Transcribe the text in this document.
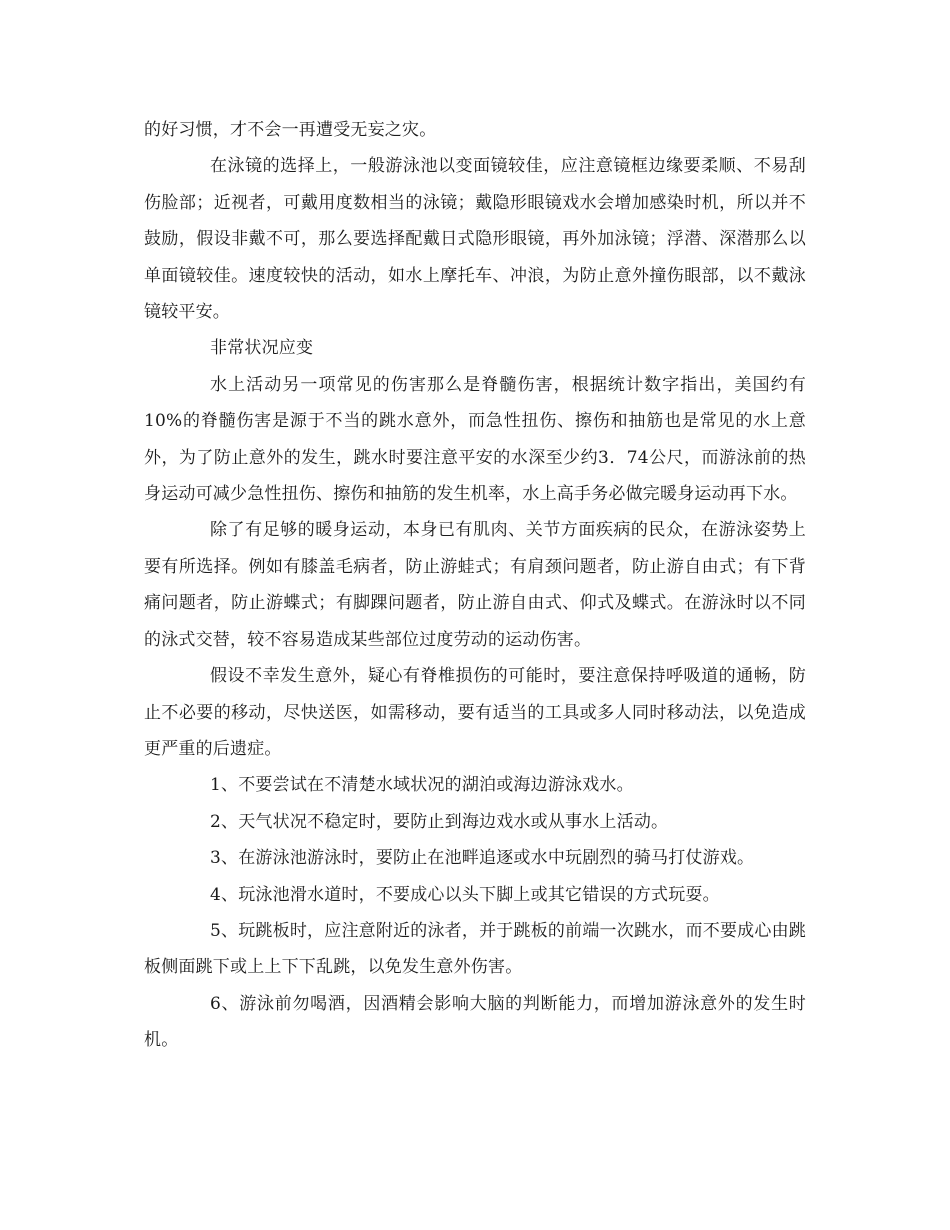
的好习惯，才不会一再遭受无妄之灾。

在泳镜的选择上，一般游泳池以变面镜较佳，应注意镜框边缘要柔顺、不易刮伤脸部；近视者，可戴用度数相当的泳镜；戴隐形眼镜戏水会增加感染时机，所以并不鼓励，假设非戴不可，那么要选择配戴日式隐形眼镜，再外加泳镜；浮潜、深潜那么以单面镜较佳。速度较快的活动，如水上摩托车、冲浪，为防止意外撞伤眼部，以不戴泳镜较平安。

非常状况应变

水上活动另一项常见的伤害那么是脊髓伤害，根据统计数字指出，美国约有10%的脊髓伤害是源于不当的跳水意外，而急性扭伤、擦伤和抽筋也是常见的水上意外，为了防止意外的发生，跳水时要注意平安的水深至少约3．74公尺，而游泳前的热身运动可减少急性扭伤、擦伤和抽筋的发生机率，水上高手务必做完暖身运动再下水。

除了有足够的暖身运动，本身已有肌肉、关节方面疾病的民众，在游泳姿势上要有所选择。例如有膝盖毛病者，防止游蛙式；有肩颈问题者，防止游自由式；有下背痛问题者，防止游蝶式；有脚踝问题者，防止游自由式、仰式及蝶式。在游泳时以不同的泳式交替，较不容易造成某些部位过度劳动的运动伤害。

假设不幸发生意外，疑心有脊椎损伤的可能时，要注意保持呼吸道的通畅，防止不必要的移动，尽快送医，如需移动，要有适当的工具或多人同时移动法，以免造成更严重的后遗症。

1、不要尝试在不清楚水域状况的湖泊或海边游泳戏水。

2、天气状况不稳定时，要防止到海边戏水或从事水上活动。

3、在游泳池游泳时，要防止在池畔追逐或水中玩剧烈的骑马打仗游戏。

4、玩泳池滑水道时，不要成心以头下脚上或其它错误的方式玩耍。

5、玩跳板时，应注意附近的泳者，并于跳板的前端一次跳水，而不要成心由跳板侧面跳下或上上下下乱跳，以免发生意外伤害。

6、游泳前勿喝酒，因酒精会影响大脑的判断能力，而增加游泳意外的发生时机。
